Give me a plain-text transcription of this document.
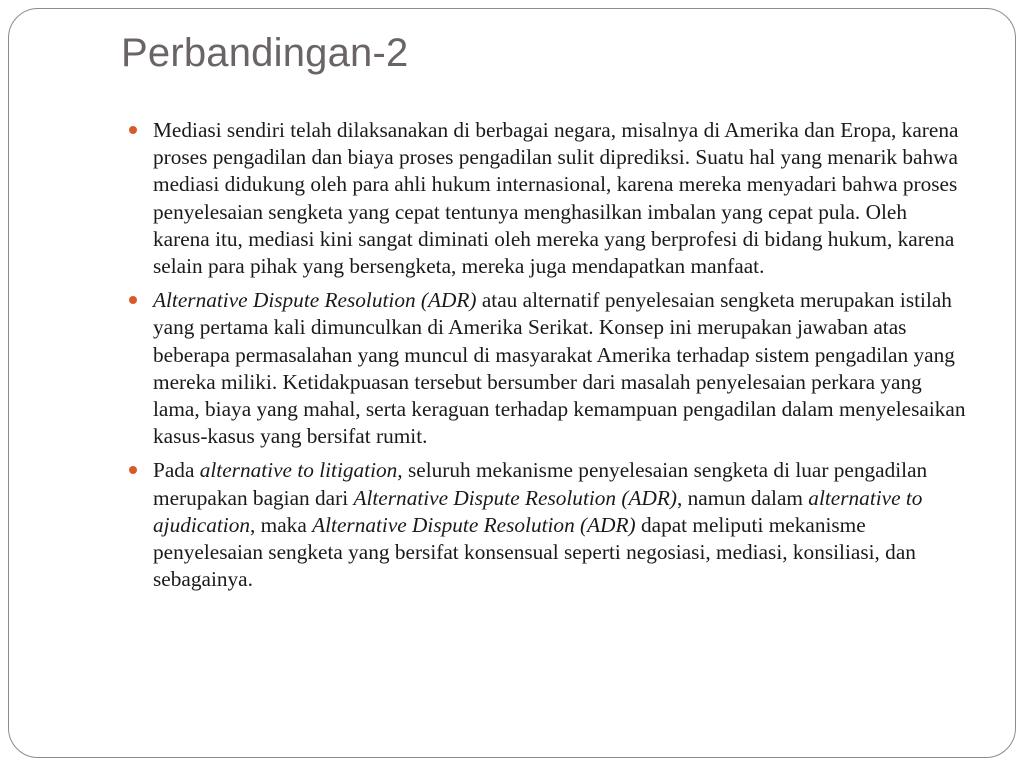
Perbandingan-2
Mediasi sendiri telah dilaksanakan di berbagai negara, misalnya di Amerika dan Eropa, karena proses pengadilan dan biaya proses pengadilan sulit diprediksi. Suatu hal yang menarik bahwa mediasi didukung oleh para ahli hukum internasional, karena mereka menyadari bahwa proses penyelesaian sengketa yang cepat tentunya menghasilkan imbalan yang cepat pula. Oleh karena itu, mediasi kini sangat diminati oleh mereka yang berprofesi di bidang hukum, karena selain para pihak yang bersengketa, mereka juga mendapatkan manfaat.
Alternative Dispute Resolution (ADR) atau alternatif penyelesaian sengketa merupakan istilah yang pertama kali dimunculkan di Amerika Serikat. Konsep ini merupakan jawaban atas beberapa permasalahan yang muncul di masyarakat Amerika terhadap sistem pengadilan yang mereka miliki. Ketidakpuasan tersebut bersumber dari masalah penyelesaian perkara yang lama, biaya yang mahal, serta keraguan terhadap kemampuan pengadilan dalam menyelesaikan kasus-kasus yang bersifat rumit.
Pada alternative to litigation, seluruh mekanisme penyelesaian sengketa di luar pengadilan merupakan bagian dari Alternative Dispute Resolution (ADR), namun dalam alternative to ajudication, maka Alternative Dispute Resolution (ADR) dapat meliputi mekanisme penyelesaian sengketa yang bersifat konsensual seperti negosiasi, mediasi, konsiliasi, dan sebagainya.
